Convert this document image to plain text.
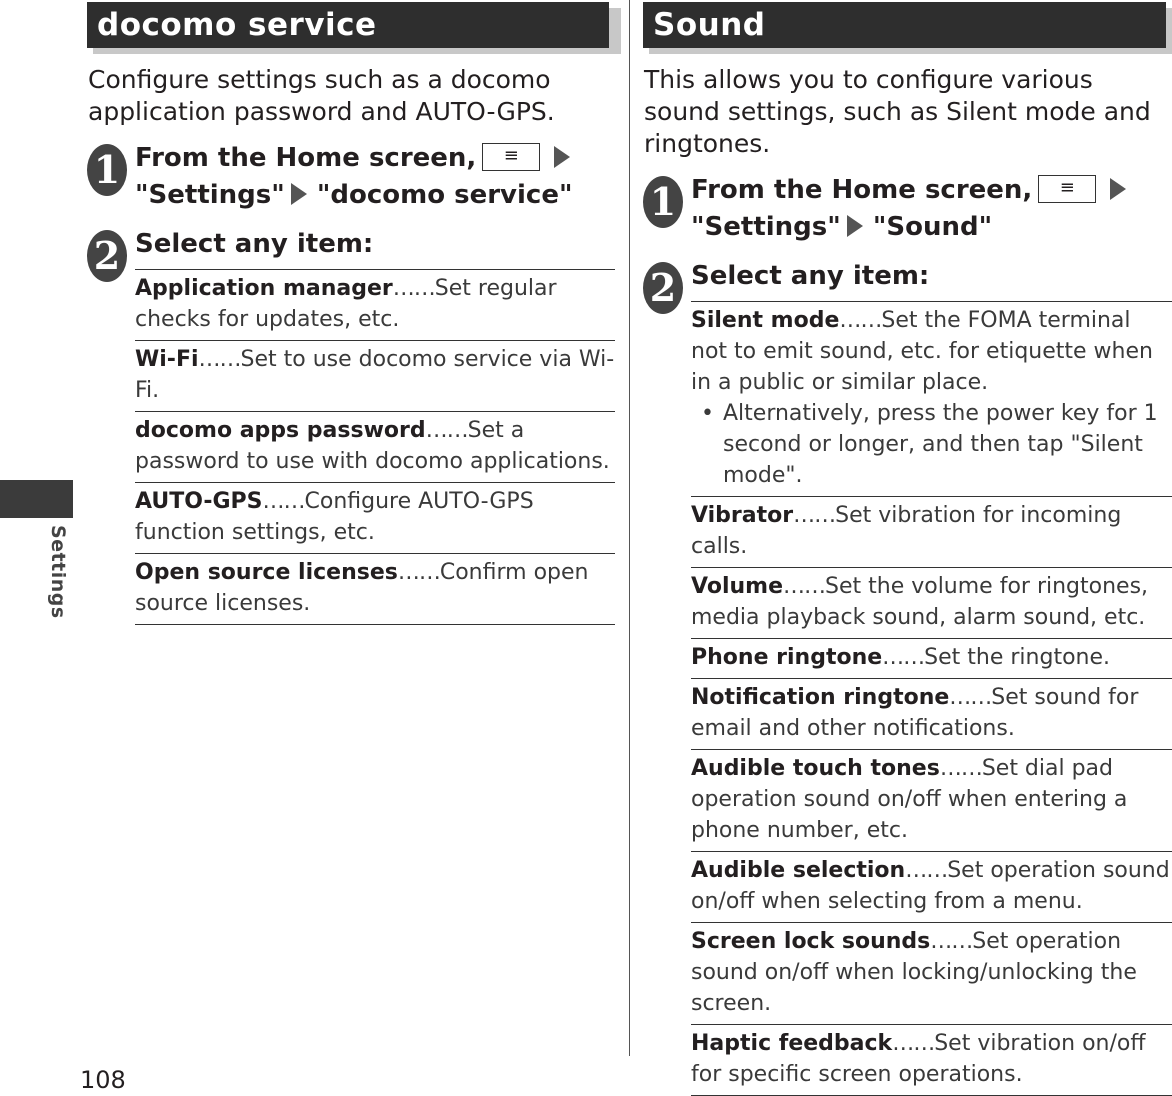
Settings
108
docomo service
Configure settings such as a docomo application password and AUTO-GPS.
1 From the Home screen, ≡
"Settings" "docomo service"
2 Select any item:
Application manager……Set regular checks for updates, etc.
Wi-Fi……Set to use docomo service via Wi-Fi.
docomo apps password……Set a password to use with docomo applications.
AUTO-GPS……Configure AUTO-GPS function settings, etc.
Open source licenses……Confirm open source licenses.
Sound
This allows you to configure various sound settings, such as Silent mode and ringtones.
1 From the Home screen, ≡
"Settings" "Sound"
2 Select any item:
Silent mode……Set the FOMA terminal not to emit sound, etc. for etiquette when in a public or similar place.
• Alternatively, press the power key for 1 second or longer, and then tap "Silent mode".
Vibrator……Set vibration for incoming calls.
Volume……Set the volume for ringtones, media playback sound, alarm sound, etc.
Phone ringtone……Set the ringtone.
Notification ringtone……Set sound for email and other notifications.
Audible touch tones……Set dial pad operation sound on/off when entering a phone number, etc.
Audible selection……Set operation sound on/off when selecting from a menu.
Screen lock sounds……Set operation sound on/off when locking/unlocking the screen.
Haptic feedback……Set vibration on/off for specific screen operations.
